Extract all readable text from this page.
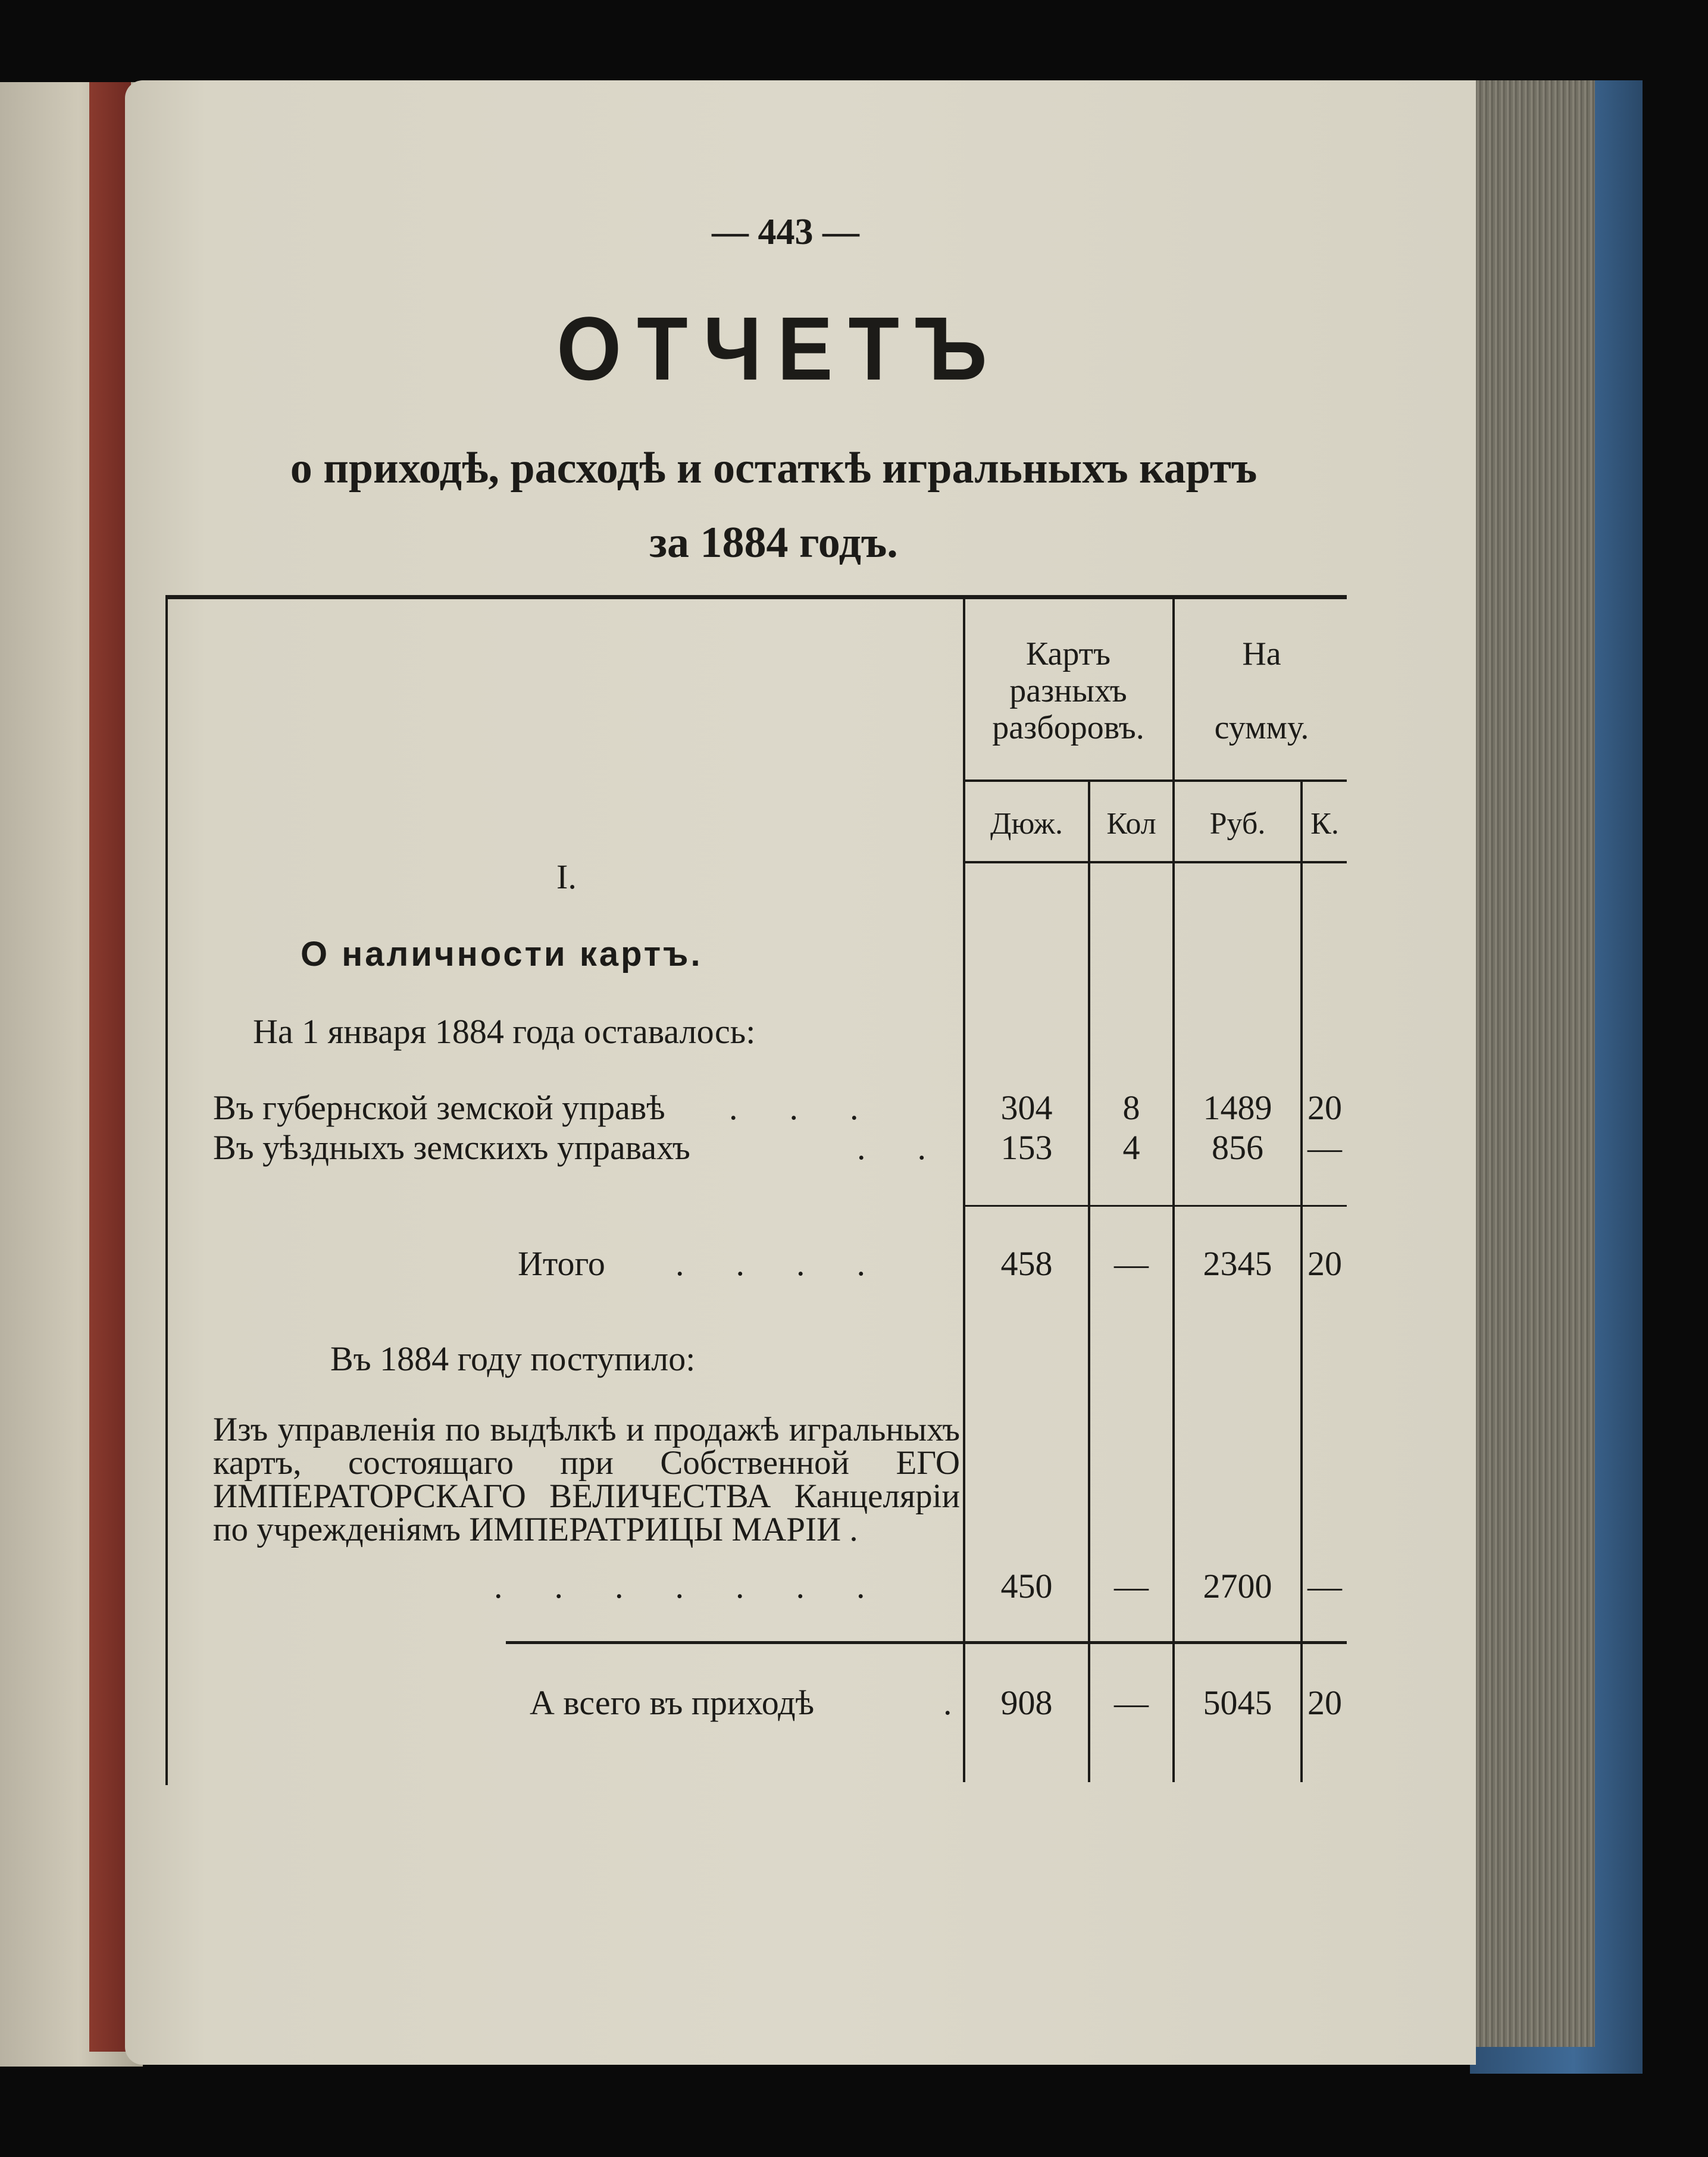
— 443 —
ОТЧЕТЪ
о приходѣ, расходѣ и остаткѣ игральныхъ картъ
за 1884 годъ.
Картъ
разныхъ
разборовъ.
На
сумму.
Дюж.	Кол	Руб.	К.
I.
О наличности картъ.
На 1 января 1884 года оставалось:
Въ губернской земской управѣ .      .      .	304	8	1489	20
Въ уѣздныхъ земскихъ управахъ	.      .	153	4	856	—
Итого .      .      .      .	458	—	2345	20
Въ 1884 году поступило:
Изъ управленія по выдѣлкѣ и продажѣ игральныхъ картъ, состоящаго при Собственной ЕГО ИМПЕРАТОРСКАГО ВЕЛИЧЕСТВА Канцеляріи по учрежденіямъ ИМПЕРАТРИЦЫ МАРІИ .
.      .      .      .      .      .      .	450	—	2700	—
А всего въ приходѣ	.	908	—	5045	20
